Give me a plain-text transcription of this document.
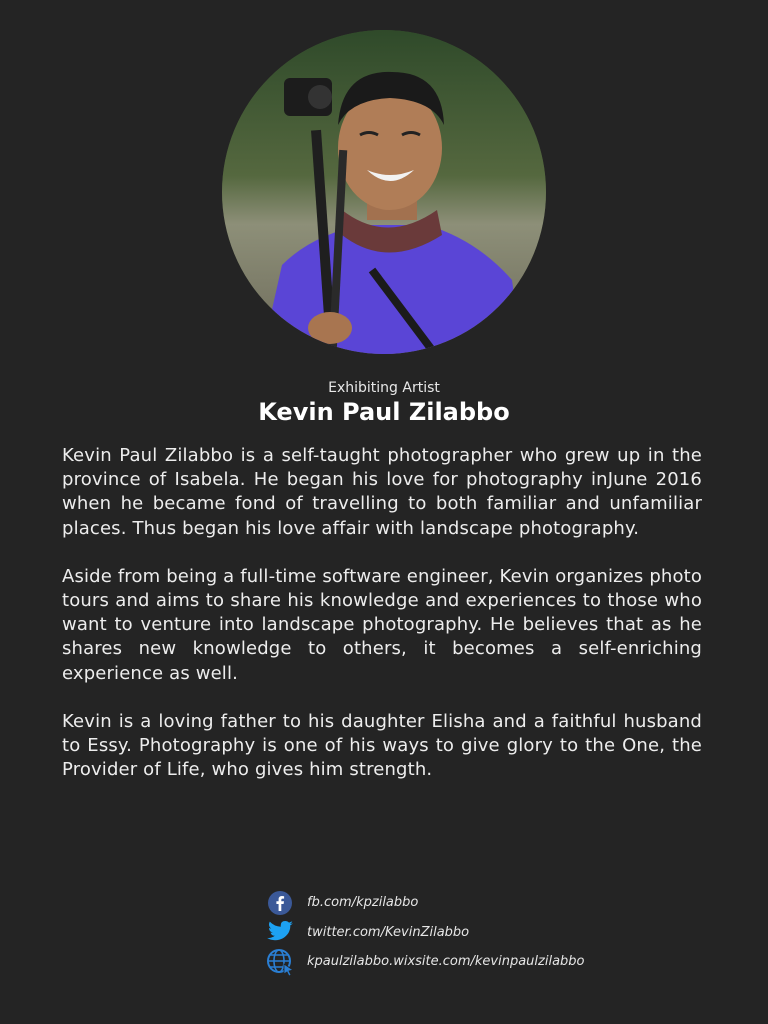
Exhibiting Artist
Kevin Paul Zilabbo

Kevin Paul Zilabbo is a self-taught photographer who grew up in the province of Isabela. He began his love for photography inJune 2016 when he became fond of travelling to both familiar and unfamiliar places. Thus began his love affair with landscape photography.

Aside from being a full-time software engineer, Kevin organizes photo tours and aims to share his knowledge and experiences to those who want to venture into landscape photography. He believes that as he shares new knowledge to others, it becomes a self-enriching experience as well.

Kevin is a loving father to his daughter Elisha and a faithful husband to Essy. Photography is one of his ways to give glory to the One, the Provider of Life, who gives him strength.

fb.com/kpzilabbo
twitter.com/KevinZilabbo
kpaulzilabbo.wixsite.com/kevinpaulzilabbo
